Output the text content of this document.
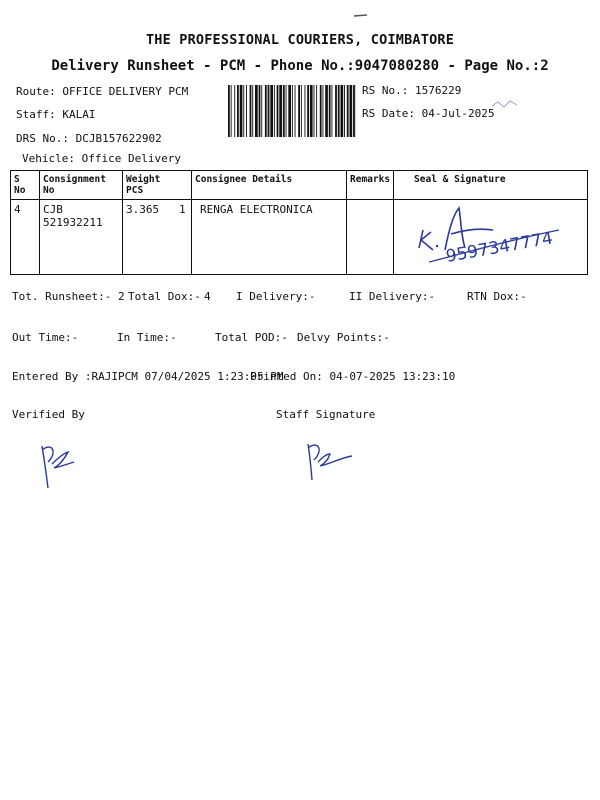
THE PROFESSIONAL COURIERS, COIMBATORE
Delivery Runsheet - PCM - Phone No.:9047080280 - Page No.:2
Route: OFFICE DELIVERY PCM
Staff: KALAI
DRS No.: DCJB157622902
Vehicle: Office Delivery
RS No.: 1576229
RS Date: 04-Jul-2025
S No	Consignment No	Weight  PCS	Consignee Details	Remarks	Seal & Signature
4	CJB 521932211	3.365 1	RENGA ELECTRONICA		9597347774
Tot. Runsheet:- 2 Total Dox:- 4 I Delivery:-	II Delivery:-	RTN Dox:-
Out Time:-	In Time:-	Total POD:- Delvy Points:-
Entered By :RAJIPCM 07/04/2025 1:23:05 PM
Printed On: 04-07-2025 13:23:10
Verified By	Staff Signature
